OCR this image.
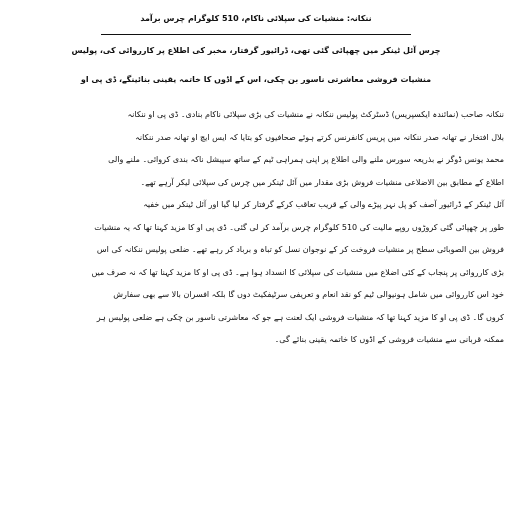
ننکانہ: منشیات کی سپلائی ناکام، 510 کلوگرام چرس برآمد

چرس آئل ٹینکر میں چھپائی گئی تھی، ڈرائیور گرفتار، مخبر کی اطلاع پر کارروائی کی، پولیس

منشیات فروشی معاشرتی ناسور بن چکی، اس کے اڈوں کا خاتمہ یقینی بنائینگے، ڈی پی او

ننکانہ صاحب (نمائندہ ایکسپریس) ڈسٹرکٹ پولیس ننکانہ نے منشیات کی بڑی سپلائی ناکام بنادی۔ ڈی پی او ننکانہ
بلال افتخار نے تھانہ صدر ننکانہ میں پریس کانفرنس کرتے ہوئے صحافیوں کو بتایا کہ ایس ایچ او تھانہ صدر ننکانہ
محمد یونس ڈوگر نے بذریعہ سورس ملنے والی اطلاع پر اپنی ہمراہی ٹیم کے ساتھ سپیشل ناکہ بندی کروائی۔ ملنے والی
اطلاع کے مطابق بین الاضلاعی منشیات فروش بڑی مقدار میں آئل ٹینکر میں چرس کی سپلائی لیکر آرہے تھے۔
آئل ٹینکر کے ڈرائیور آصف کو پل نہر پیڑے والی کے قریب تعاقب کرکے گرفتار کر لیا گیا اور آئل ٹینکر میں خفیہ
طور پر چھپائی گئی کروڑوں روپے مالیت کی 510 کلوگرام چرس برآمد کر لی گئی۔ ڈی پی او کا مزید کہنا تھا کہ یہ منشیات
فروش بین الصوبائی سطح پر منشیات فروخت کر کے نوجوان نسل کو تباہ و برباد کر رہے تھے۔ ضلعی پولیس ننکانہ کی اس
بڑی کارروائی پر پنجاب کے کئی اضلاع میں منشیات کی سپلائی کا انسداد ہوا ہے۔ ڈی پی او کا مزید کہنا تھا کہ نہ صرف میں
خود اس کارروائی میں شامل ہونیوالی ٹیم کو نقد انعام و تعریفی سرٹیفکیٹ دوں گا بلکہ افسران بالا سے بھی سفارش
کروں گا۔ ڈی پی او کا مزید کہنا تھا کہ منشیات فروشی ایک لعنت ہے جو کہ معاشرتی ناسور بن چکی ہے ضلعی پولیس ہر
ممکنہ قربانی سے منشیات فروشی کے اڈوں کا خاتمہ یقینی بنائے گی۔
